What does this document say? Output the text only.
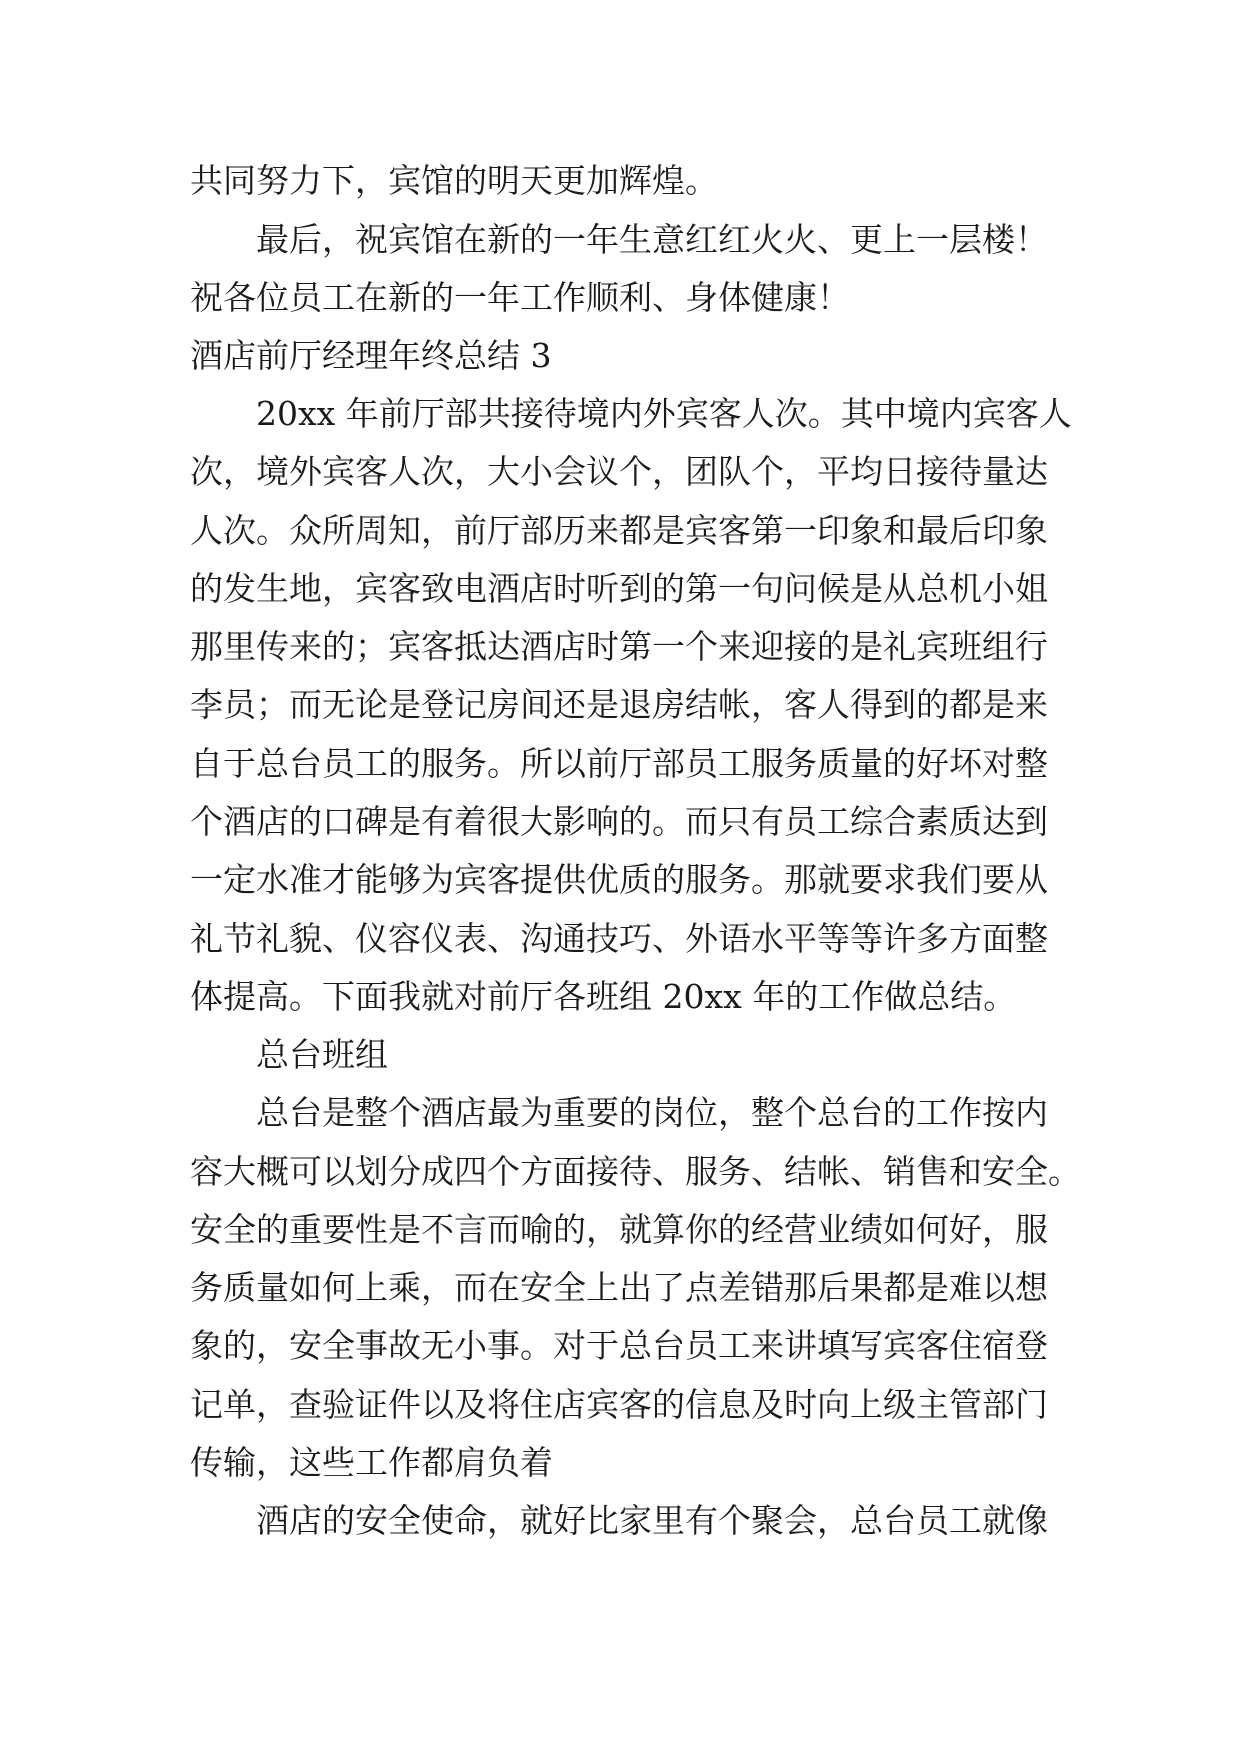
共同努力下，宾馆的明天更加辉煌。

最后，祝宾馆在新的一年生意红红火火、更上一层楼！

祝各位员工在新的一年工作顺利、身体健康！

酒店前厅经理年终总结 3

20xx 年前厅部共接待境内外宾客人次。其中境内宾客人

次，境外宾客人次，大小会议个，团队个，平均日接待量达

人次。众所周知，前厅部历来都是宾客第一印象和最后印象

的发生地，宾客致电酒店时听到的第一句问候是从总机小姐

那里传来的；宾客抵达酒店时第一个来迎接的是礼宾班组行

李员；而无论是登记房间还是退房结帐，客人得到的都是来

自于总台员工的服务。所以前厅部员工服务质量的好坏对整

个酒店的口碑是有着很大影响的。而只有员工综合素质达到

一定水准才能够为宾客提供优质的服务。那就要求我们要从

礼节礼貌、仪容仪表、沟通技巧、外语水平等等许多方面整

体提高。下面我就对前厅各班组 20xx 年的工作做总结。

总台班组

总台是整个酒店最为重要的岗位，整个总台的工作按内

容大概可以划分成四个方面接待、服务、结帐、销售和安全。

安全的重要性是不言而喻的，就算你的经营业绩如何好，服

务质量如何上乘，而在安全上出了点差错那后果都是难以想

象的，安全事故无小事。对于总台员工来讲填写宾客住宿登

记单，查验证件以及将住店宾客的信息及时向上级主管部门

传输，这些工作都肩负着

酒店的安全使命，就好比家里有个聚会，总台员工就像
